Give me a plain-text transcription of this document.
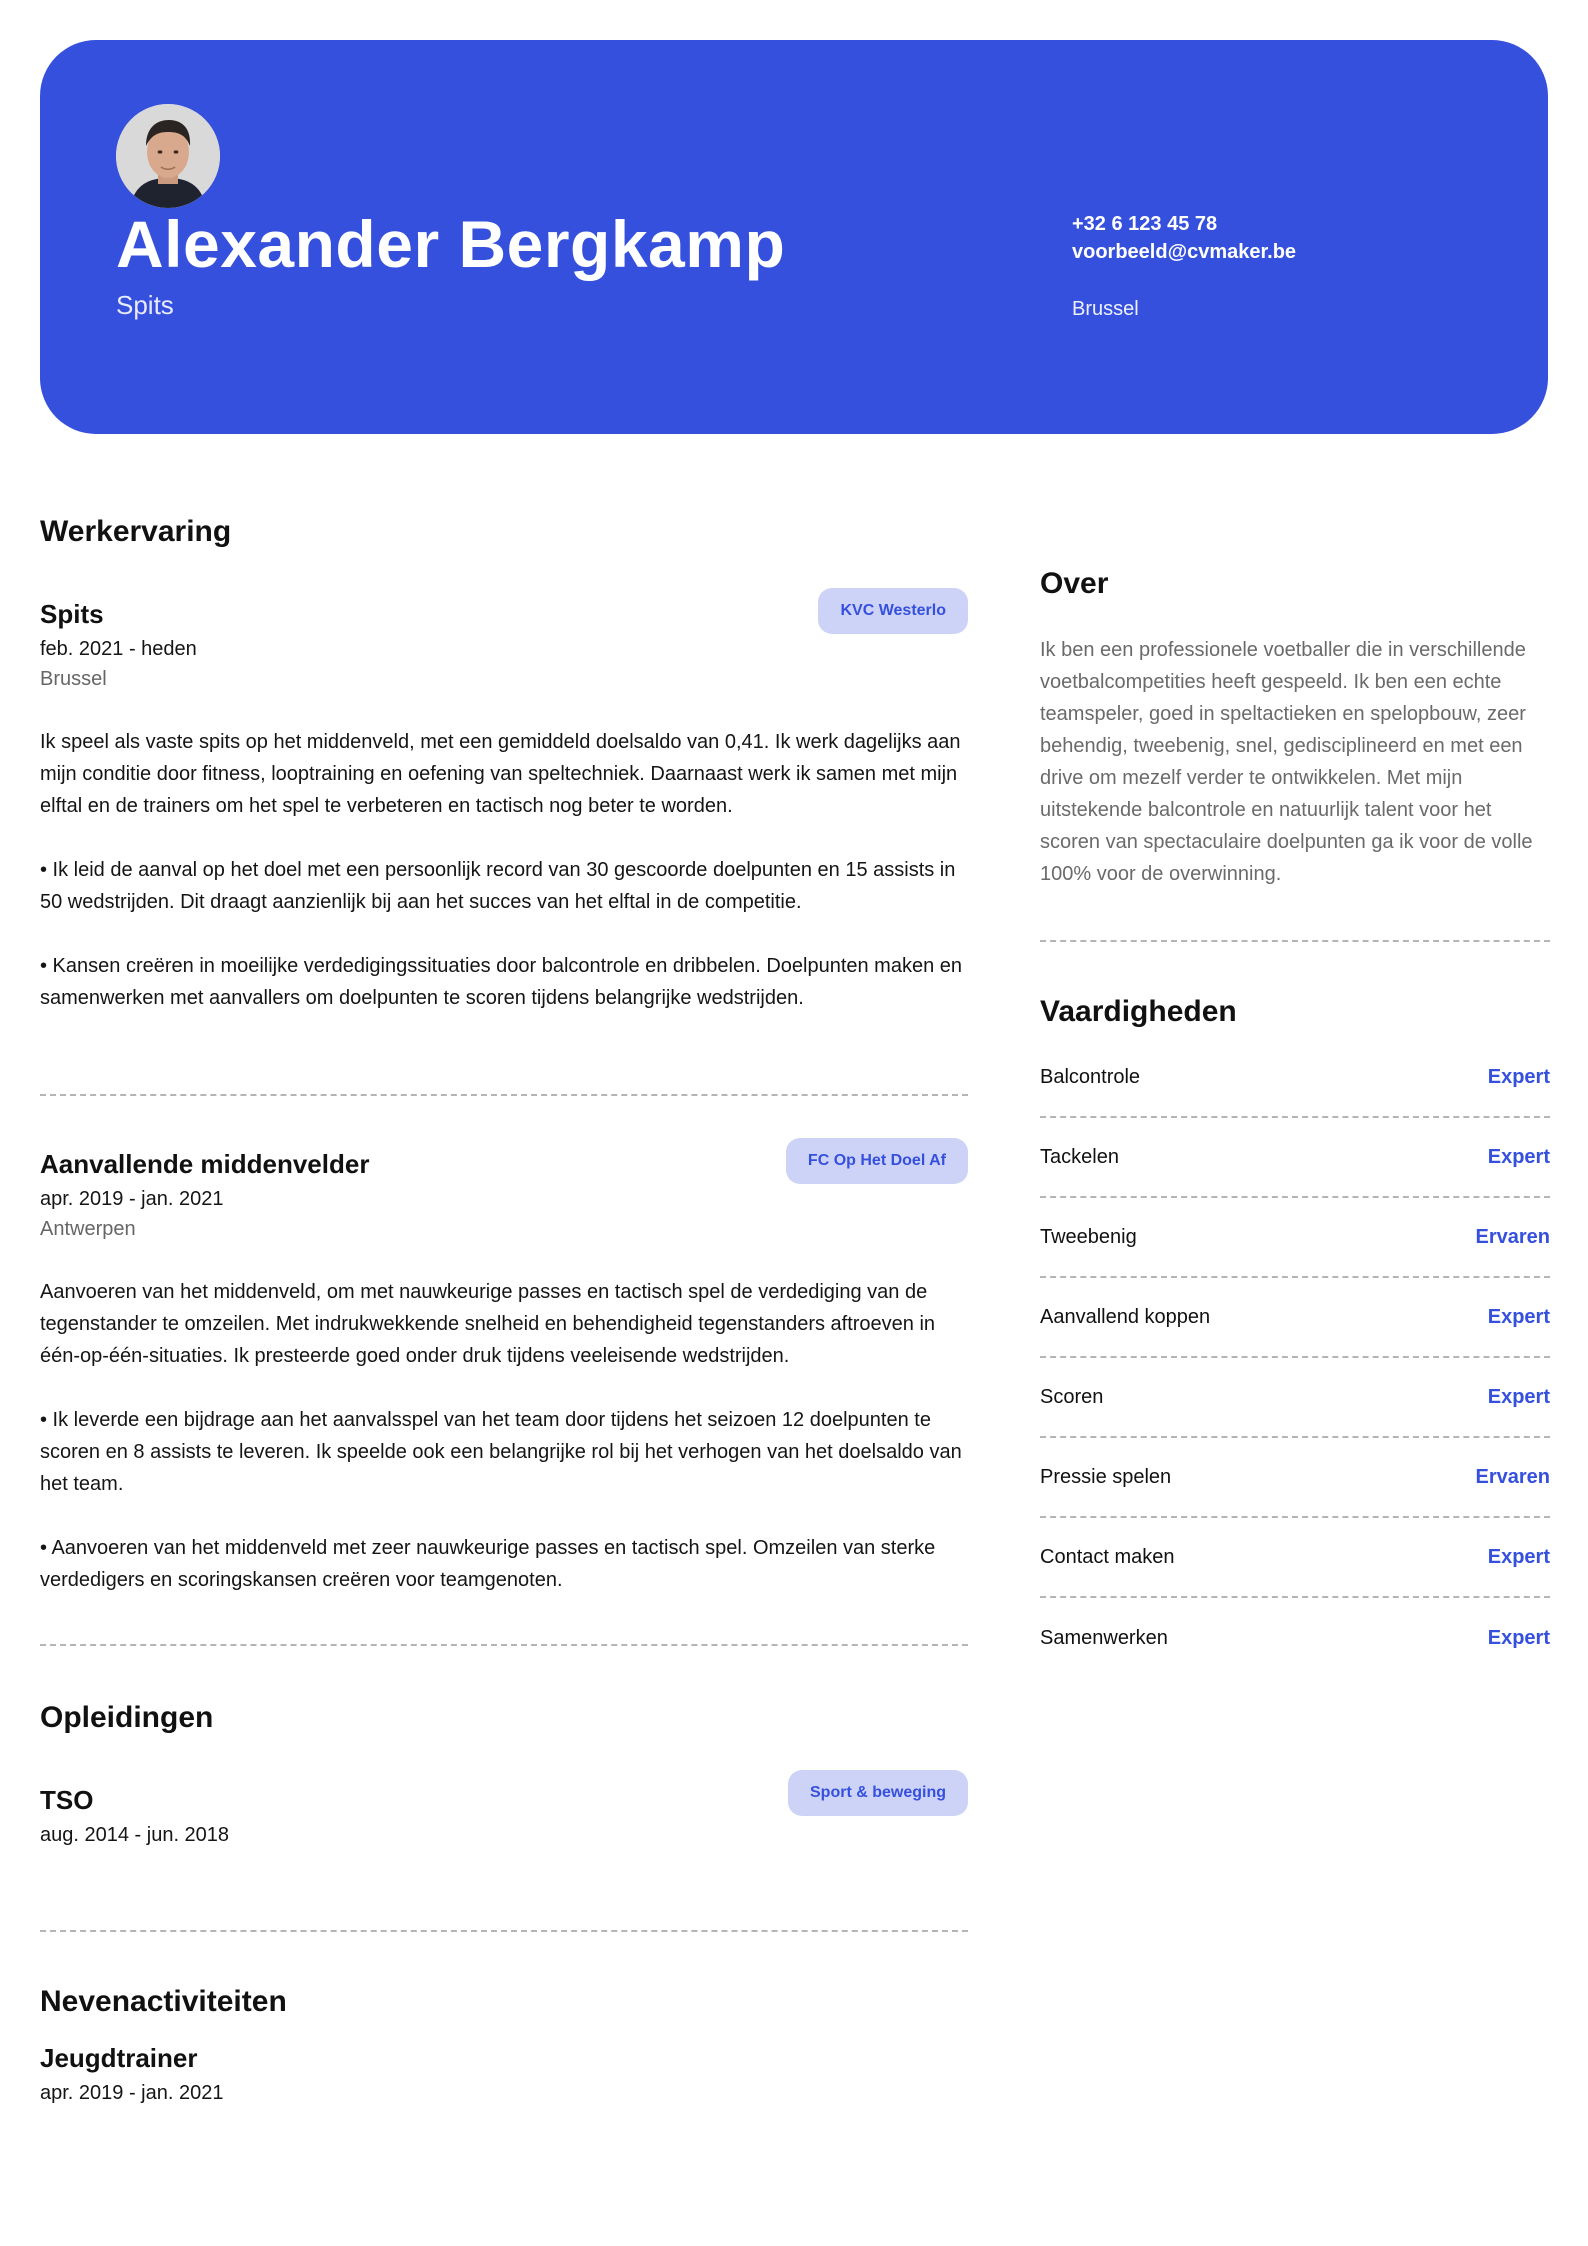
Alexander Bergkamp
Spits
+32 6 123 45 78
voorbeeld@cvmaker.be
Brussel
Werkervaring
Spits	KVC Westerlo
feb. 2021 - heden
Brussel
Ik speel als vaste spits op het middenveld, met een gemiddeld doelsaldo van 0,41. Ik werk dagelijks aan mijn conditie door fitness, looptraining en oefening van speltechniek. Daarnaast werk ik samen met mijn elftal en de trainers om het spel te verbeteren en tactisch nog beter te worden.
• Ik leid de aanval op het doel met een persoonlijk record van 30 gescoorde doelpunten en 15 assists in 50 wedstrijden. Dit draagt aanzienlijk bij aan het succes van het elftal in de competitie.
• Kansen creëren in moeilijke verdedigingssituaties door balcontrole en dribbelen. Doelpunten maken en samenwerken met aanvallers om doelpunten te scoren tijdens belangrijke wedstrijden.
Aanvallende middenvelder	FC Op Het Doel Af
apr. 2019 - jan. 2021
Antwerpen
Aanvoeren van het middenveld, om met nauwkeurige passes en tactisch spel de verdediging van de tegenstander te omzeilen. Met indrukwekkende snelheid en behendigheid tegenstanders aftroeven in één-op-één-situaties. Ik presteerde goed onder druk tijdens veeleisende wedstrijden.
• Ik leverde een bijdrage aan het aanvalsspel van het team door tijdens het seizoen 12 doelpunten te scoren en 8 assists te leveren. Ik speelde ook een belangrijke rol bij het verhogen van het doelsaldo van het team.
• Aanvoeren van het middenveld met zeer nauwkeurige passes en tactisch spel. Omzeilen van sterke verdedigers en scoringskansen creëren voor teamgenoten.
Opleidingen
TSO	Sport & beweging
aug. 2014 - jun. 2018
Nevenactiviteiten
Jeugdtrainer
apr. 2019 - jan. 2021
Over
Ik ben een professionele voetballer die in verschillende voetbalcompetities heeft gespeeld. Ik ben een echte teamspeler, goed in speltactieken en spelopbouw, zeer behendig, tweebenig, snel, gedisciplineerd en met een drive om mezelf verder te ontwikkelen. Met mijn uitstekende balcontrole en natuurlijk talent voor het scoren van spectaculaire doelpunten ga ik voor de volle 100% voor de overwinning.
Vaardigheden
Balcontrole	Expert
Tackelen	Expert
Tweebenig	Ervaren
Aanvallend koppen	Expert
Scoren	Expert
Pressie spelen	Ervaren
Contact maken	Expert
Samenwerken	Expert
